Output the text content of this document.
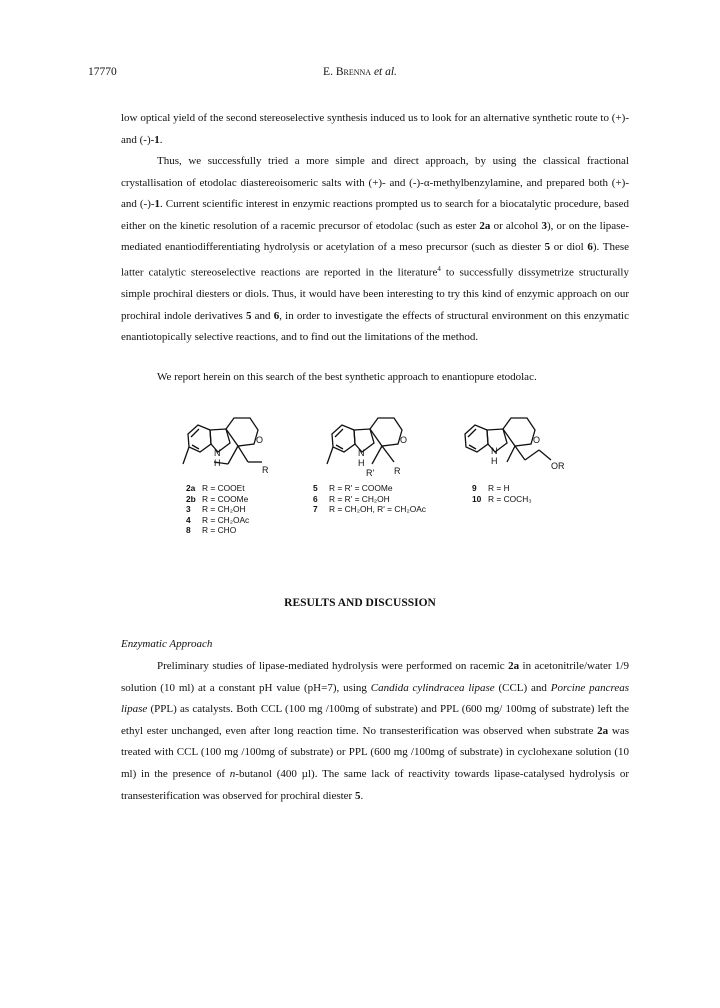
17770	E. Brenna et al.

low optical yield of the second stereoselective synthesis induced us to look for an alternative synthetic route to (+)- and (-)-1.

Thus, we successfully tried a more simple and direct approach, by using the classical fractional crystallisation of etodolac diastereoisomeric salts with (+)- and (-)-α-methylbenzylamine, and prepared both (+)- and (-)-1. Current scientific interest in enzymic reactions prompted us to search for a biocatalytic procedure, based either on the kinetic resolution of a racemic precursor of etodolac (such as ester 2a or alcohol 3), or on the lipase-mediated enantiodifferentiating hydrolysis or acetylation of a meso precursor (such as diester 5 or diol 6). These latter catalytic stereoselective reactions are reported in the literature$^4$ to successfully dissymetrize structurally simple prochiral diesters or diols. Thus, it would have been interesting to try this kind of enzymic approach on our prochiral indole derivatives 5 and 6, in order to investigate the effects of structural environment on this enzymatic enantiotopically selective reactions, and to find out the limitations of the method.

We report herein on this search of the best synthetic approach to enantiopure etodolac.

N
H
O
R
N
H
O
R' R
N
H
O
OR
2a R = COOEt
2b R = COOMe
3 R = CH₂OH
4 R = CH₂OAc
8 R = CHO
5 R = R' = COOMe
6 R = R' = CH₂OH
7 R = CH₂OH, R' = CH₂OAc
9 R = H
10 R = COCH₃
RESULTS AND DISCUSSION
Enzymatic Approach

Preliminary studies of lipase-mediated hydrolysis were performed on racemic 2a in acetonitrile/water 1/9 solution (10 ml) at a constant pH value (pH=7), using Candida cylindracea lipase (CCL) and Porcine pancreas lipase (PPL) as catalysts. Both CCL (100 mg /100mg of substrate) and PPL (600 mg/ 100mg of substrate) left the ethyl ester unchanged, even after long reaction time. No transesterification was observed when substrate 2a was treated with CCL (100 mg /100mg of substrate) or PPL (600 mg /100mg of substrate) in cyclohexane solution (10 ml) in the presence of n-butanol (400 µl). The same lack of reactivity towards lipase-catalysed hydrolysis or transesterification was observed for prochiral diester 5.
